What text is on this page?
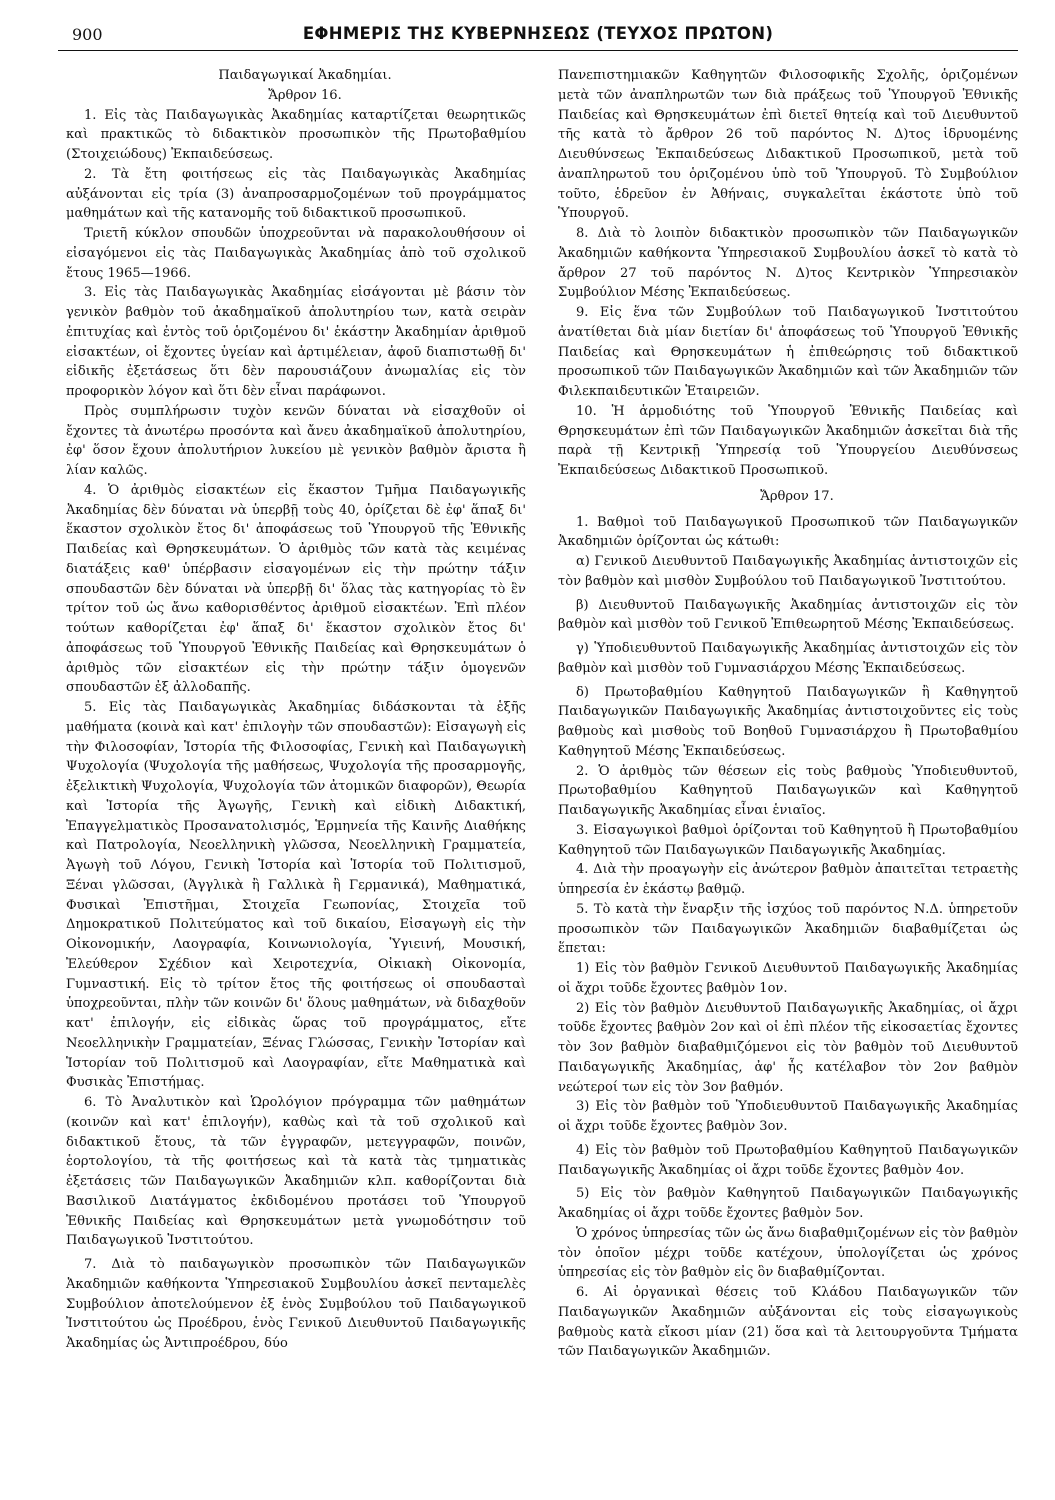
900	ΕΦΗΜΕΡΙΣ ΤΗΣ ΚΥΒΕΡΝΗΣΕΩΣ (ΤΕΥΧΟΣ ΠΡΩΤΟΝ)

Παιδαγωγικαί Ἀκαδημίαι.

Ἄρθρον 16.

1. Εἰς τὰς Παιδαγωγικὰς Ἀκαδημίας καταρτίζεται θεωρητικῶς καὶ πρακτικῶς τὸ διδακτικὸν προσωπικὸν τῆς Πρωτοβαθμίου (Στοιχειώδους) Ἐκπαιδεύσεως.

2. Τὰ ἔτη φοιτήσεως εἰς τὰς Παιδαγωγικὰς Ἀκαδημίας αὐξάνονται εἰς τρία (3) ἀναπροσαρμοζομένων τοῦ προγράμματος μαθημάτων καὶ τῆς κατανομῆς τοῦ διδακτικοῦ προσωπικοῦ.

Τριετῆ κύκλον σπουδῶν ὑποχρεοῦνται νὰ παρακολουθήσουν οἱ εἰσαγόμενοι εἰς τὰς Παιδαγωγικὰς Ἀκαδημίας ἀπὸ τοῦ σχολικοῦ ἔτους 1965—1966.

3. Εἰς τὰς Παιδαγωγικὰς Ἀκαδημίας εἰσάγονται μὲ βάσιν τὸν γενικὸν βαθμὸν τοῦ ἀκαδημαϊκοῦ ἀπολυτηρίου των, κατὰ σειρὰν ἐπιτυχίας καὶ ἐντὸς τοῦ ὁριζομένου δι' ἑκάστην Ἀκαδημίαν ἀριθμοῦ εἰσακτέων, οἱ ἔχοντες ὑγείαν καὶ ἀρτιμέλειαν, ἀφοῦ διαπιστωθῇ δι' εἰδικῆς ἐξετάσεως ὅτι δὲν παρουσιάζουν ἀνωμαλίας εἰς τὸν προφορικὸν λόγον καὶ ὅτι δὲν εἶναι παράφωνοι.

Πρὸς συμπλήρωσιν τυχὸν κενῶν δύναται νὰ εἰσαχθοῦν οἱ ἔχοντες τὰ ἀνωτέρω προσόντα καὶ ἄνευ ἀκαδημαϊκοῦ ἀπολυτηρίου, ἐφ' ὅσον ἔχουν ἀπολυτήριον λυκείου μὲ γενικὸν βαθμὸν ἄριστα ἢ λίαν καλῶς.

4. Ὁ ἀριθμὸς εἰσακτέων εἰς ἕκαστον Τμῆμα Παιδαγωγικῆς Ἀκαδημίας δὲν δύναται νὰ ὑπερβῇ τοὺς 40, ὁρίζεται δὲ ἐφ' ἅπαξ δι' ἕκαστον σχολικὸν ἔτος δι' ἀποφάσεως τοῦ Ὑπουργοῦ τῆς Ἐθνικῆς Παιδείας καὶ Θρησκευμάτων. Ὁ ἀριθμὸς τῶν κατὰ τὰς κειμένας διατάξεις καθ' ὑπέρβασιν εἰσαγομένων εἰς τὴν πρώτην τάξιν σπουδαστῶν δὲν δύναται νὰ ὑπερβῇ δι' ὅλας τὰς κατηγορίας τὸ ἓν τρίτον τοῦ ὡς ἄνω καθορισθέντος ἀριθμοῦ εἰσακτέων. Ἐπὶ πλέον τούτων καθορίζεται ἐφ' ἅπαξ δι' ἕκαστον σχολικὸν ἔτος δι' ἀποφάσεως τοῦ Ὑπουργοῦ Ἐθνικῆς Παιδείας καὶ Θρησκευμάτων ὁ ἀριθμὸς τῶν εἰσακτέων εἰς τὴν πρώτην τάξιν ὁμογενῶν σπουδαστῶν ἐξ ἀλλοδαπῆς.

5. Εἰς τὰς Παιδαγωγικὰς Ἀκαδημίας διδάσκονται τὰ ἑξῆς μαθήματα (κοινὰ καὶ κατ' ἐπιλογὴν τῶν σπουδαστῶν): Εἰσαγωγὴ εἰς τὴν Φιλοσοφίαν, Ἱστορία τῆς Φιλοσοφίας, Γενικὴ καὶ Παιδαγωγικὴ Ψυχολογία (Ψυχολογία τῆς μαθήσεως, Ψυχολογία τῆς προσαρμογῆς, ἐξελικτικὴ Ψυχολογία, Ψυχολογία τῶν ἀτομικῶν διαφορῶν), Θεωρία καὶ Ἱστορία τῆς Ἀγωγῆς, Γενικὴ καὶ εἰδικὴ Διδακτική, Ἐπαγγελματικὸς Προσανατολισμός, Ἑρμηνεία τῆς Καινῆς Διαθήκης καὶ Πατρολογία, Νεοελληνικὴ γλῶσσα, Νεοελληνικὴ Γραμματεία, Ἀγωγὴ τοῦ Λόγου, Γενικὴ Ἱστορία καὶ Ἱστορία τοῦ Πολιτισμοῦ, Ξέναι γλῶσσαι, (Ἀγγλικὰ ἢ Γαλλικὰ ἢ Γερμανικά), Μαθηματικά, Φυσικαὶ Ἐπιστῆμαι, Στοιχεῖα Γεωπονίας, Στοιχεῖα τοῦ Δημοκρατικοῦ Πολιτεύματος καὶ τοῦ δικαίου, Εἰσαγωγὴ εἰς τὴν Οἰκονομικήν, Λαογραφία, Κοινωνιολογία, Ὑγιεινή, Μουσική, Ἐλεύθερον Σχέδιον καὶ Χειροτεχνία, Οἰκιακὴ Οἰκονομία, Γυμναστική. Εἰς τὸ τρίτον ἔτος τῆς φοιτήσεως οἱ σπουδασταὶ ὑποχρεοῦνται, πλὴν τῶν κοινῶν δι' ὅλους μαθημάτων, νὰ διδαχθοῦν κατ' ἐπιλογήν, εἰς εἰδικὰς ὥρας τοῦ προγράμματος, εἴτε Νεοελληνικὴν Γραμματείαν, Ξένας Γλώσσας, Γενικὴν Ἱστορίαν καὶ Ἱστορίαν τοῦ Πολιτισμοῦ καὶ Λαογραφίαν, εἴτε Μαθηματικὰ καὶ Φυσικὰς Ἐπιστήμας.

6. Τὸ Ἀναλυτικὸν καὶ Ὡρολόγιον πρόγραμμα τῶν μαθημάτων (κοινῶν καὶ κατ' ἐπιλογήν), καθὼς καὶ τὰ τοῦ σχολικοῦ καὶ διδακτικοῦ ἔτους, τὰ τῶν ἐγγραφῶν, μετεγγραφῶν, ποινῶν, ἑορτολογίου, τὰ τῆς φοιτήσεως καὶ τὰ κατὰ τὰς τμηματικὰς ἐξετάσεις τῶν Παιδαγωγικῶν Ἀκαδημιῶν κλπ. καθορίζονται διὰ Βασιλικοῦ Διατάγματος ἐκδιδομένου προτάσει τοῦ Ὑπουργοῦ Ἐθνικῆς Παιδείας καὶ Θρησκευμάτων μετὰ γνωμοδότησιν τοῦ Παιδαγωγικοῦ Ἰνστιτούτου.

7. Διὰ τὸ παιδαγωγικὸν προσωπικὸν τῶν Παιδαγωγικῶν Ἀκαδημιῶν καθήκοντα Ὑπηρεσιακοῦ Συμβουλίου ἀσκεῖ πενταμελὲς Συμβούλιον ἀποτελούμενον ἐξ ἑνὸς Συμβούλου τοῦ Παιδαγωγικοῦ Ἰνστιτούτου ὡς Προέδρου, ἑνὸς Γενικοῦ Διευθυντοῦ Παιδαγωγικῆς Ἀκαδημίας ὡς Ἀντιπροέδρου, δύο

Πανεπιστημιακῶν Καθηγητῶν Φιλοσοφικῆς Σχολῆς, ὁριζομένων μετὰ τῶν ἀναπληρωτῶν των διὰ πράξεως τοῦ Ὑπουργοῦ Ἐθνικῆς Παιδείας καὶ Θρησκευμάτων ἐπὶ διετεῖ θητείᾳ καὶ τοῦ Διευθυντοῦ τῆς κατὰ τὸ ἄρθρον 26 τοῦ παρόντος Ν. Δ)τος ἱδρυομένης Διευθύνσεως Ἐκπαιδεύσεως Διδακτικοῦ Προσωπικοῦ, μετὰ τοῦ ἀναπληρωτοῦ του ὁριζομένου ὑπὸ τοῦ Ὑπουργοῦ. Τὸ Συμβούλιον τοῦτο, ἑδρεῦον ἐν Ἀθήναις, συγκαλεῖται ἑκάστοτε ὑπὸ τοῦ Ὑπουργοῦ.

8. Διὰ τὸ λοιπὸν διδακτικὸν προσωπικὸν τῶν Παιδαγωγικῶν Ἀκαδημιῶν καθήκοντα Ὑπηρεσιακοῦ Συμβουλίου ἀσκεῖ τὸ κατὰ τὸ ἄρθρον 27 τοῦ παρόντος Ν. Δ)τος Κεντρικὸν Ὑπηρεσιακὸν Συμβούλιον Μέσης Ἐκπαιδεύσεως.

9. Εἰς ἕνα τῶν Συμβούλων τοῦ Παιδαγωγικοῦ Ἰνστιτούτου ἀνατίθεται διὰ μίαν διετίαν δι' ἀποφάσεως τοῦ Ὑπουργοῦ Ἐθνικῆς Παιδείας καὶ Θρησκευμάτων ἡ ἐπιθεώρησις τοῦ διδακτικοῦ προσωπικοῦ τῶν Παιδαγωγικῶν Ἀκαδημιῶν καὶ τῶν Ἀκαδημιῶν τῶν Φιλεκπαιδευτικῶν Ἑταιρειῶν.

10. Ἡ ἁρμοδιότης τοῦ Ὑπουργοῦ Ἐθνικῆς Παιδείας καὶ Θρησκευμάτων ἐπὶ τῶν Παιδαγωγικῶν Ἀκαδημιῶν ἀσκεῖται διὰ τῆς παρὰ τῇ Κεντρικῇ Ὑπηρεσίᾳ τοῦ Ὑπουργείου Διευθύνσεως Ἐκπαιδεύσεως Διδακτικοῦ Προσωπικοῦ.

Ἄρθρον 17.

1. Βαθμοὶ τοῦ Παιδαγωγικοῦ Προσωπικοῦ τῶν Παιδαγωγικῶν Ἀκαδημιῶν ὁρίζονται ὡς κάτωθι:

α) Γενικοῦ Διευθυντοῦ Παιδαγωγικῆς Ἀκαδημίας ἀντιστοιχῶν εἰς τὸν βαθμὸν καὶ μισθὸν Συμβούλου τοῦ Παιδαγωγικοῦ Ἰνστιτούτου.

β) Διευθυντοῦ Παιδαγωγικῆς Ἀκαδημίας ἀντιστοιχῶν εἰς τὸν βαθμὸν καὶ μισθὸν τοῦ Γενικοῦ Ἐπιθεωρητοῦ Μέσης Ἐκπαιδεύσεως.

γ) Ὑποδιευθυντοῦ Παιδαγωγικῆς Ἀκαδημίας ἀντιστοιχῶν εἰς τὸν βαθμὸν καὶ μισθὸν τοῦ Γυμνασιάρχου Μέσης Ἐκπαιδεύσεως.

δ) Πρωτοβαθμίου Καθηγητοῦ Παιδαγωγικῶν ἢ Καθηγητοῦ Παιδαγωγικῶν Παιδαγωγικῆς Ἀκαδημίας ἀντιστοιχοῦντες εἰς τοὺς βαθμοὺς καὶ μισθοὺς τοῦ Βοηθοῦ Γυμνασιάρχου ἢ Πρωτοβαθμίου Καθηγητοῦ Μέσης Ἐκπαιδεύσεως.

2. Ὁ ἀριθμὸς τῶν θέσεων εἰς τοὺς βαθμοὺς Ὑποδιευθυντοῦ, Πρωτοβαθμίου Καθηγητοῦ Παιδαγωγικῶν καὶ Καθηγητοῦ Παιδαγωγικῆς Ἀκαδημίας εἶναι ἑνιαῖος.

3. Εἰσαγωγικοὶ βαθμοὶ ὁρίζονται τοῦ Καθηγητοῦ ἢ Πρωτοβαθμίου Καθηγητοῦ τῶν Παιδαγωγικῶν Παιδαγωγικῆς Ἀκαδημίας.

4. Διὰ τὴν προαγωγὴν εἰς ἀνώτερον βαθμὸν ἀπαιτεῖται τετραετὴς ὑπηρεσία ἐν ἑκάστῳ βαθμῷ.

5. Τὸ κατὰ τὴν ἔναρξιν τῆς ἰσχύος τοῦ παρόντος Ν.Δ. ὑπηρετοῦν προσωπικὸν τῶν Παιδαγωγικῶν Ἀκαδημιῶν διαβαθμίζεται ὡς ἕπεται:

1) Εἰς τὸν βαθμὸν Γενικοῦ Διευθυντοῦ Παιδαγωγικῆς Ἀκαδημίας οἱ ἄχρι τοῦδε ἔχοντες βαθμὸν 1ον.

2) Εἰς τὸν βαθμὸν Διευθυντοῦ Παιδαγωγικῆς Ἀκαδημίας, οἱ ἄχρι τοῦδε ἔχοντες βαθμὸν 2ον καὶ οἱ ἐπὶ πλέον τῆς εἰκοσαετίας ἔχοντες τὸν 3ον βαθμὸν διαβαθμιζόμενοι εἰς τὸν βαθμὸν τοῦ Διευθυντοῦ Παιδαγωγικῆς Ἀκαδημίας, ἀφ' ἧς κατέλαβον τὸν 2ον βαθμὸν νεώτεροί των εἰς τὸν 3ον βαθμόν.

3) Εἰς τὸν βαθμὸν τοῦ Ὑποδιευθυντοῦ Παιδαγωγικῆς Ἀκαδημίας οἱ ἄχρι τοῦδε ἔχοντες βαθμὸν 3ον.

4) Εἰς τὸν βαθμὸν τοῦ Πρωτοβαθμίου Καθηγητοῦ Παιδαγωγικῶν Παιδαγωγικῆς Ἀκαδημίας οἱ ἄχρι τοῦδε ἔχοντες βαθμὸν 4ον.

5) Εἰς τὸν βαθμὸν Καθηγητοῦ Παιδαγωγικῶν Παιδαγωγικῆς Ἀκαδημίας οἱ ἄχρι τοῦδε ἔχοντες βαθμὸν 5ον.

Ὁ χρόνος ὑπηρεσίας τῶν ὡς ἄνω διαβαθμιζομένων εἰς τὸν βαθμὸν τὸν ὁποῖον μέχρι τοῦδε κατέχουν, ὑπολογίζεται ὡς χρόνος ὑπηρεσίας εἰς τὸν βαθμὸν εἰς ὃν διαβαθμίζονται.

6. Αἱ ὀργανικαὶ θέσεις τοῦ Κλάδου Παιδαγωγικῶν τῶν Παιδαγωγικῶν Ἀκαδημιῶν αὐξάνονται εἰς τοὺς εἰσαγωγικοὺς βαθμοὺς κατὰ εἴκοσι μίαν (21) ὅσα καὶ τὰ λειτουργοῦντα Τμήματα τῶν Παιδαγωγικῶν Ἀκαδημιῶν.
